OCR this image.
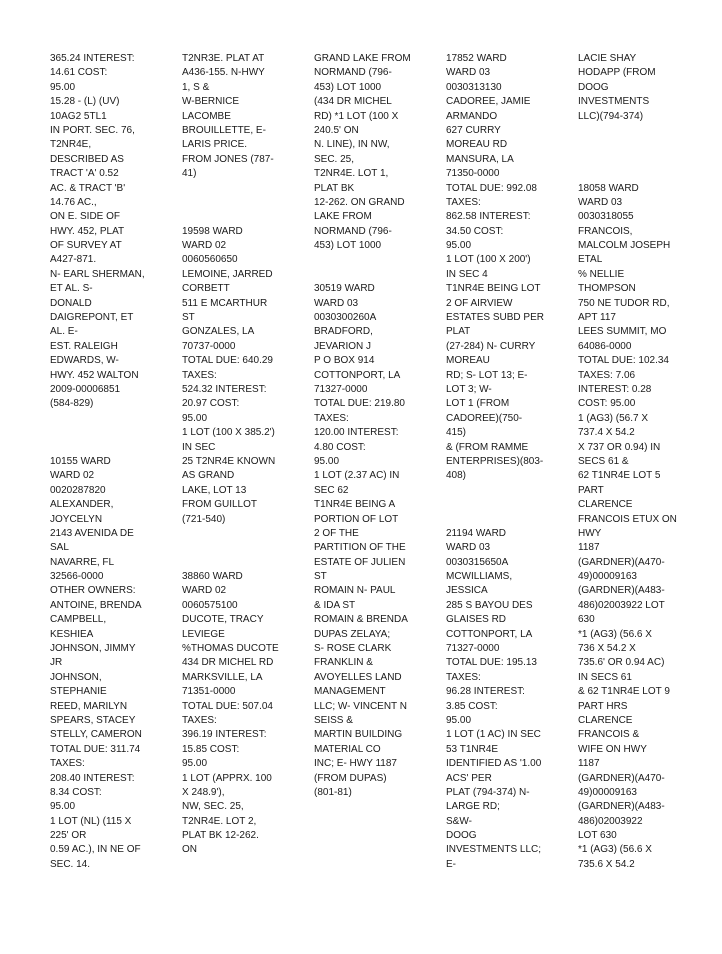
365.24 INTEREST:
14.61 COST:
95.00
15.28 - (L) (UV)
10AG2 5TL1
IN PORT. SEC. 76,
T2NR4E,
DESCRIBED AS
TRACT 'A' 0.52
AC. & TRACT 'B'
14.76 AC.,
ON E. SIDE OF
HWY. 452, PLAT
OF SURVEY AT
A427-871.
N- EARL SHERMAN,
ET AL. S-
DONALD
DAIGREPONT, ET
AL. E-
EST. RALEIGH
EDWARDS, W-
HWY. 452 WALTON
2009-00006851
(584-829)
10155 WARD
WARD 02
0020287820
ALEXANDER,
JOYCELYN
2143 AVENIDA DE
SAL
NAVARRE, FL
32566-0000
OTHER OWNERS:
ANTOINE, BRENDA
CAMPBELL,
KESHIEA
JOHNSON, JIMMY
JR
JOHNSON,
STEPHANIE
REED, MARILYN
SPEARS, STACEY
STELLY, CAMERON
TOTAL DUE: 311.74
TAXES:
208.40 INTEREST:
8.34 COST:
95.00
1 LOT (NL) (115 X
225' OR
0.59 AC.), IN NE OF
SEC. 14.
T2NR3E. PLAT AT
A436-155. N-HWY
1, S &
W-BERNICE
LACOMBE
BROUILLETTE, E-
LARIS PRICE.
FROM JONES (787-
41)
19598 WARD
WARD 02
0060560650
LEMOINE, JARRED
CORBETT
511 E MCARTHUR
ST
GONZALES, LA
70737-0000
TOTAL DUE: 640.29
TAXES:
524.32 INTEREST:
20.97 COST:
95.00
1 LOT (100 X 385.2')
IN SEC
25 T2NR4E KNOWN
AS GRAND
LAKE, LOT 13
FROM GUILLOT
(721-540)
38860 WARD
WARD 02
0060575100
DUCOTE, TRACY
LEVIEGE
%THOMAS DUCOTE
434 DR MICHEL RD
MARKSVILLE, LA
71351-0000
TOTAL DUE: 507.04
TAXES:
396.19 INTEREST:
15.85 COST:
95.00
1 LOT (APPRX. 100
X 248.9'),
NW, SEC. 25,
T2NR4E. LOT 2,
PLAT BK 12-262.
ON
GRAND LAKE FROM
NORMAND (796-
453) LOT 1000
(434 DR MICHEL
RD) *1 LOT (100 X
240.5' ON
N. LINE), IN NW,
SEC. 25,
T2NR4E. LOT 1,
PLAT BK
12-262. ON GRAND
LAKE FROM
NORMAND (796-
453) LOT 1000
30519 WARD
WARD 03
0030300260A
BRADFORD,
JEVARION J
P O BOX 914
COTTONPORT, LA
71327-0000
TOTAL DUE: 219.80
TAXES:
120.00 INTEREST:
4.80 COST:
95.00
1 LOT (2.37 AC) IN
SEC 62
T1NR4E BEING A
PORTION OF LOT
2 OF THE
PARTITION OF THE
ESTATE OF JULIEN
ST
ROMAIN N- PAUL
& IDA ST
ROMAIN & BRENDA
DUPAS ZELAYA;
S- ROSE CLARK
FRANKLIN &
AVOYELLES LAND
MANAGEMENT
LLC; W- VINCENT N
SEISS &
MARTIN BUILDING
MATERIAL CO
INC; E- HWY 1187
(FROM DUPAS)
(801-81)
17852 WARD
WARD 03
0030313130
CADOREE, JAMIE
ARMANDO
627 CURRY
MOREAU RD
MANSURA, LA
71350-0000
TOTAL DUE: 992.08
TAXES:
862.58 INTEREST:
34.50 COST:
95.00
1 LOT (100 X 200')
IN SEC 4
T1NR4E BEING LOT
2 OF AIRVIEW
ESTATES SUBD PER
PLAT
(27-284) N- CURRY
MOREAU
RD; S- LOT 13; E-
LOT 3; W-
LOT 1 (FROM
CADOREE)(750-
415)
& (FROM RAMME
ENTERPRISES)(803-
408)
21194 WARD
WARD 03
0030315650A
MCWILLIAMS,
JESSICA
285 S BAYOU DES
GLAISES RD
COTTONPORT, LA
71327-0000
TOTAL DUE: 195.13
TAXES:
96.28 INTEREST:
3.85 COST:
95.00
1 LOT (1 AC) IN SEC
53 T1NR4E
IDENTIFIED AS '1.00
ACS' PER
PLAT (794-374) N-
LARGE RD;
S&W-
DOOG
INVESTMENTS LLC;
E-
LACIE SHAY
HODAPP (FROM
DOOG
INVESTMENTS
LLC)(794-374)
18058 WARD
WARD 03
0030318055
FRANCOIS,
MALCOLM JOSEPH
ETAL
% NELLIE
THOMPSON
750 NE TUDOR RD,
APT 117
LEES SUMMIT, MO
64086-0000
TOTAL DUE: 102.34
TAXES: 7.06
INTEREST: 0.28
COST: 95.00
1 (AG3) (56.7 X
737.4 X 54.2
X 737 OR 0.94) IN
SECS 61 &
62 T1NR4E LOT 5
PART
CLARENCE
FRANCOIS ETUX ON
HWY
1187
(GARDNER)(A470-
49)00009163
(GARDNER)(A483-
486)02003922 LOT
630
*1 (AG3) (56.6 X
736 X 54.2 X
735.6' OR 0.94 AC)
IN SECS 61
& 62 T1NR4E LOT 9
PART HRS
CLARENCE
FRANCOIS &
WIFE ON HWY
1187
(GARDNER)(A470-
49)00009163
(GARDNER)(A483-
486)02003922
LOT 630
*1 (AG3) (56.6 X
735.6 X 54.2
